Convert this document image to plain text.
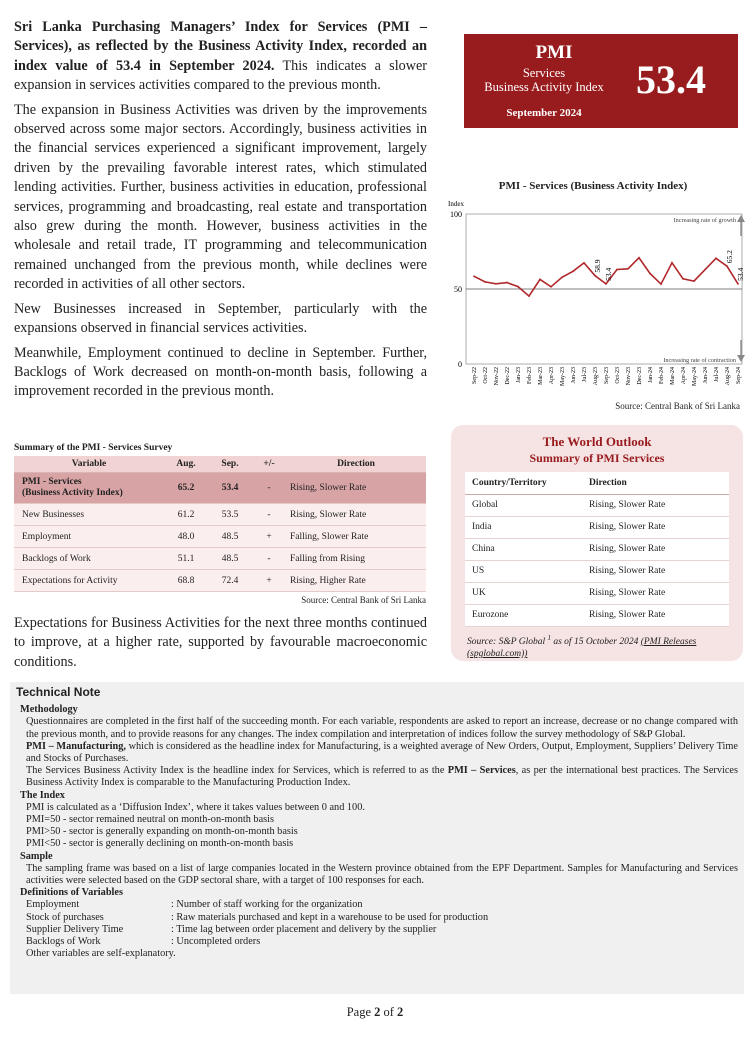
Sri Lanka Purchasing Managers’ Index for Services (PMI – Services), as reflected by the Business Activity Index, recorded an index value of 53.4 in September 2024. This indicates a slower expansion in services activities compared to the previous month.

The expansion in Business Activities was driven by the improvements observed across some major sectors. Accordingly, business activities in the financial services experienced a significant improvement, largely driven by the prevailing favorable interest rates, which stimulated lending activities. Further, business activities in education, professional services, programming and broadcasting, real estate and transportation also grew during the month. However, business activities in the wholesale and retail trade, IT programming and telecommunication remained unchanged from the previous month, while declines were recorded in activities of all other sectors.

New Businesses increased in September, particularly with the expansions observed in financial services activities.

Meanwhile, Employment continued to decline in September. Further, Backlogs of Work decreased on month-on-month basis, following a improvement recorded in the previous month.

Summary of the PMI - Services Survey
Variable	Aug.	Sep.	+/-	Direction
PMI - Services
(Business Activity Index)	65.2	53.4	-	Rising, Slower Rate
New Businesses	61.2	53.5	-	Rising, Slower Rate
Employment	48.0	48.5	+	Falling, Slower Rate
Backlogs of Work	51.1	48.5	-	Falling from Rising
Expectations for Activity	68.8	72.4	+	Rising, Higher Rate
Source: Central Bank of Sri Lanka

Expectations for Business Activities for the next three months continued to improve, at a higher rate, supported by favourable macroeconomic conditions.

PMI
Services
Business Activity Index
September 2024
53.4
PMI - Services (Business Activity Index)
Index
0
50
100
Increasing rate of growth
Increasing rate of contraction
Sep-22 Oct-22 Nov-22 Dec-22 Jan-23 Feb-23 Mar-23 Apr-23 May-23 Jun-23 Jul-23 Aug-23 Sep-23 Oct-23 Nov-23 Dec-23 Jan-24 Feb-24 Mar-24 Apr-24 May-24 Jun-24 Jul-24 Aug-24 Sep-24
58.9
53.4
65.2
53.4
Source: Central Bank of Sri Lanka
The World Outlook
Summary of PMI Services
Country/Territory	Direction
Global	Rising, Slower Rate
India	Rising, Slower Rate
China	Rising, Slower Rate
US	Rising, Slower Rate
UK	Rising, Slower Rate
Eurozone	Rising, Slower Rate
Source: S&P Global $^1$ as of 15 October 2024 (PMI Releases (spglobal.com))
Technical Note
Methodology
Questionnaires are completed in the first half of the succeeding month. For each variable, respondents are asked to report an increase, decrease or no change compared with the previous month, and to provide reasons for any changes. The index compilation and interpretation of indices follow the survey methodology of S&P Global.
PMI – Manufacturing, which is considered as the headline index for Manufacturing, is a weighted average of New Orders, Output, Employment, Suppliers’ Delivery Time and Stocks of Purchases.
The Services Business Activity Index is the headline index for Services, which is referred to as the PMI – Services, as per the international best practices. The Services Business Activity Index is comparable to the Manufacturing Production Index.
The Index
PMI is calculated as a ‘Diffusion Index’, where it takes values between 0 and 100.
PMI=50 - sector remained neutral on month-on-month basis
PMI>50 - sector is generally expanding on month-on-month basis
PMI<50 - sector is generally declining on month-on-month basis
Sample
The sampling frame was based on a list of large companies located in the Western province obtained from the EPF Department. Samples for Manufacturing and Services activities were selected based on the GDP sectoral share, with a target of 100 responses for each.
Definitions of Variables
Employment	: Number of staff working for the organization
Stock of purchases	: Raw materials purchased and kept in a warehouse to be used for production
Supplier Delivery Time	: Time lag between order placement and delivery by the supplier
Backlogs of Work	: Uncompleted orders
Other variables are self-explanatory.
Page 2 of 2
